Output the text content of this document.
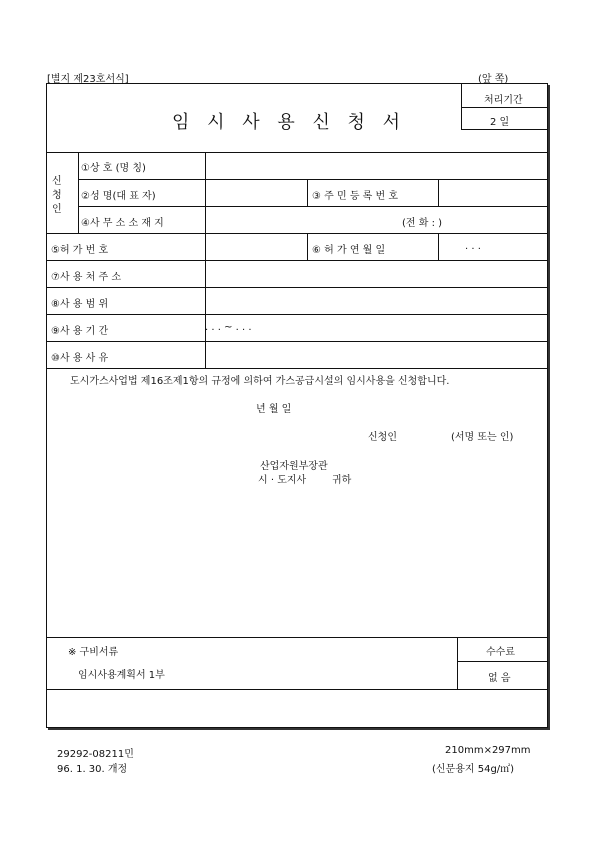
[별지 제23호서식]	(앞 쪽)
임 시 사 용 신 청 서
처리기간
2 일
신
청
인
①상 호 (명 칭)
②성 명(대 표 자)	③ 주 민 등 록 번 호
④사 무 소 소 재 지	(전 화 : )
⑤허 가 번 호	⑥ 허 가 연 월 일	. . .
⑦사 용 처 주 소
⑧사 용 범 위
⑨사 용 기 간	. . . ~ . . .
⑩사 용 사 유
도시가스사업법 제16조제1항의 규정에 의하여 가스공급시설의 임시사용을 신청합니다.
년 월 일
신청인	(서명 또는 인)
산업자원부장관
시 · 도지사	귀하
※ 구비서류
임시사용계획서 1부
수수료
없 음
29292-08211민
96. 1. 30. 개정
210mm×297mm
(신문용지 54g/㎡)
